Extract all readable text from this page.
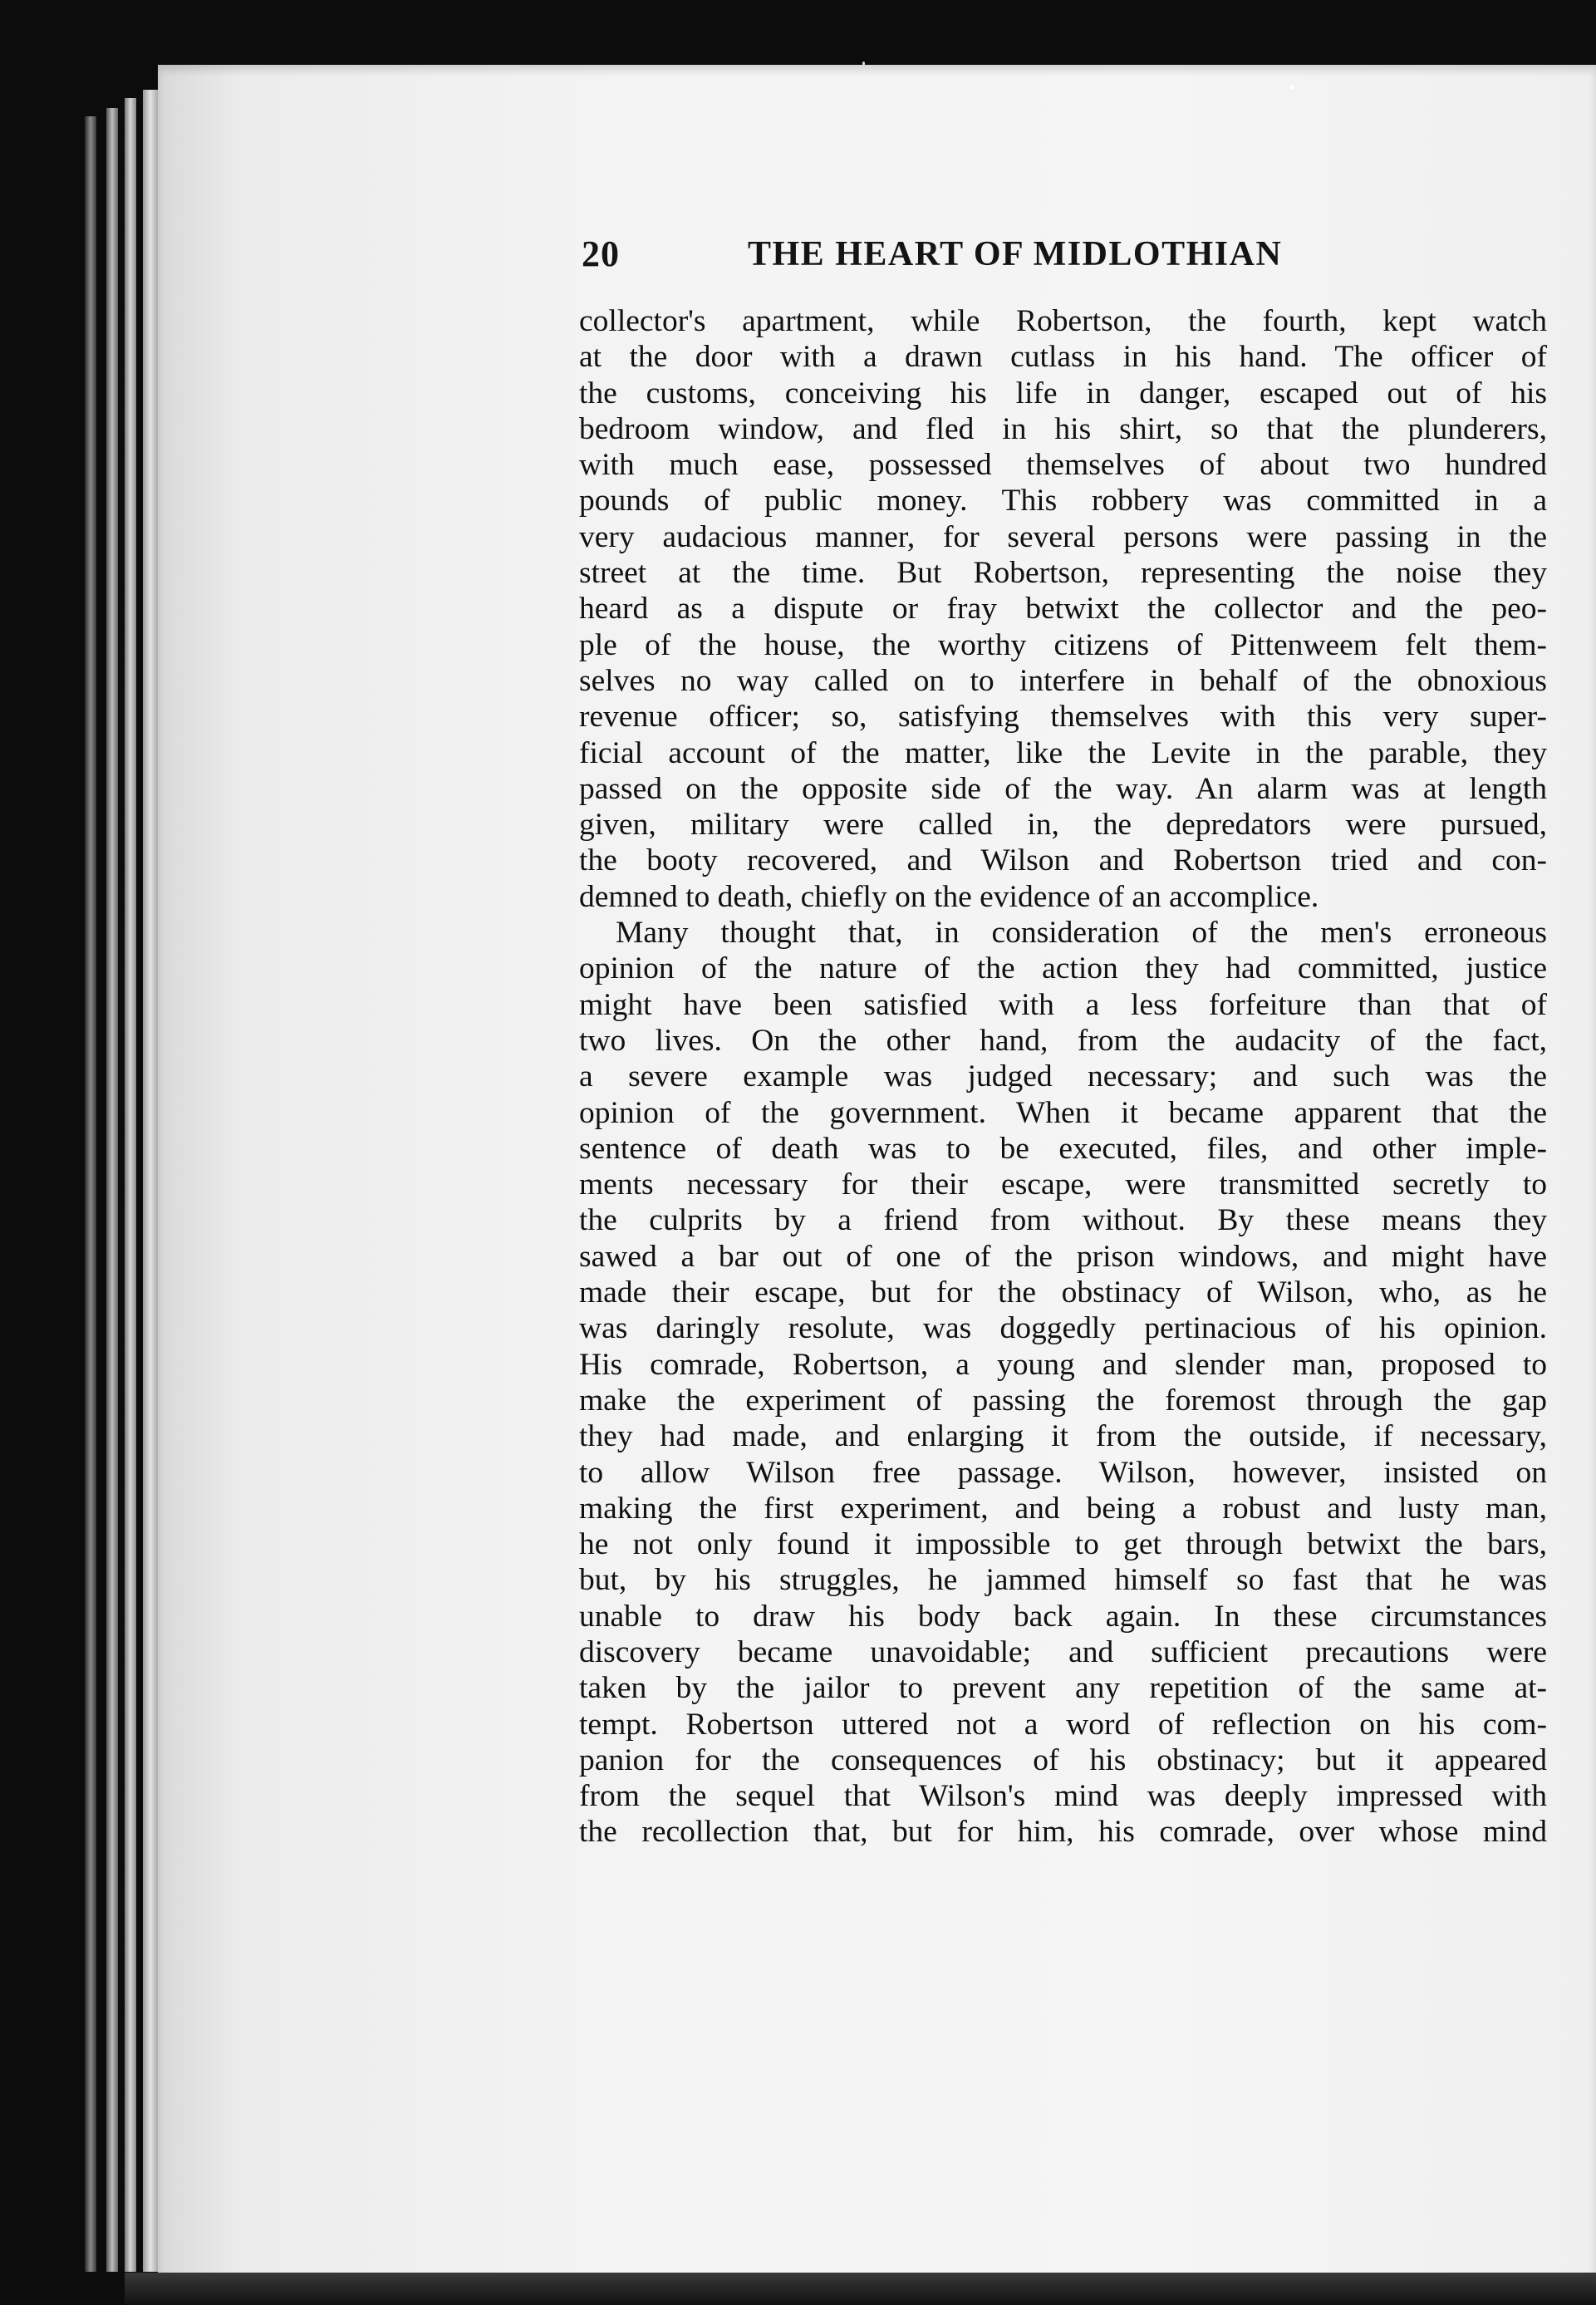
20	THE HEART OF MIDLOTHIAN
collector's apartment, while Robertson, the fourth, kept watch
at the door with a drawn cutlass in his hand. The officer of
the customs, conceiving his life in danger, escaped out of his
bedroom window, and fled in his shirt, so that the plunderers,
with much ease, possessed themselves of about two hundred
pounds of public money. This robbery was committed in a
very audacious manner, for several persons were passing in the
street at the time. But Robertson, representing the noise they
heard as a dispute or fray betwixt the collector and the peo-
ple of the house, the worthy citizens of Pittenweem felt them-
selves no way called on to interfere in behalf of the obnoxious
revenue officer; so, satisfying themselves with this very super-
ficial account of the matter, like the Levite in the parable, they
passed on the opposite side of the way. An alarm was at length
given, military were called in, the depredators were pursued,
the booty recovered, and Wilson and Robertson tried and con-
demned to death, chiefly on the evidence of an accomplice.
Many thought that, in consideration of the men's erroneous
opinion of the nature of the action they had committed, justice
might have been satisfied with a less forfeiture than that of
two lives. On the other hand, from the audacity of the fact,
a severe example was judged necessary; and such was the
opinion of the government. When it became apparent that the
sentence of death was to be executed, files, and other imple-
ments necessary for their escape, were transmitted secretly to
the culprits by a friend from without. By these means they
sawed a bar out of one of the prison windows, and might have
made their escape, but for the obstinacy of Wilson, who, as he
was daringly resolute, was doggedly pertinacious of his opinion.
His comrade, Robertson, a young and slender man, proposed to
make the experiment of passing the foremost through the gap
they had made, and enlarging it from the outside, if necessary,
to allow Wilson free passage. Wilson, however, insisted on
making the first experiment, and being a robust and lusty man,
he not only found it impossible to get through betwixt the bars,
but, by his struggles, he jammed himself so fast that he was
unable to draw his body back again. In these circumstances
discovery became unavoidable; and sufficient precautions were
taken by the jailor to prevent any repetition of the same at-
tempt. Robertson uttered not a word of reflection on his com-
panion for the consequences of his obstinacy; but it appeared
from the sequel that Wilson's mind was deeply impressed with
the recollection that, but for him, his comrade, over whose mind
